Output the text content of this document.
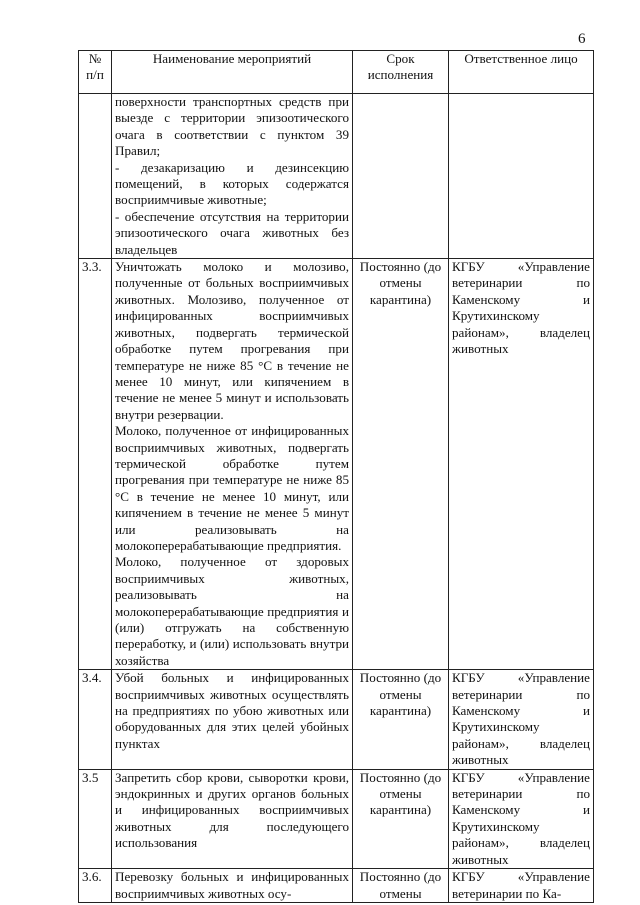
6
№ п/п	Наименование мероприятий	Срок исполнения	Ответственное лицо

	поверхности транспортных средств при выезде с территории эпизоотического очага в соответствии с пунктом 39 Правил;

- дезакаризацию и дезинсекцию помещений, в которых содержатся восприимчивые животные;

- обеспечение отсутствия на территории эпизоотического очага животных без владельцев		

3.3.	Уничтожать молоко и молозиво, полученные от больных восприимчивых животных. Молозиво, полученное от инфицированных восприимчивых животных, подвергать термической обработке путем прогревания при температуре не ниже 85 °С в течение не менее 10 минут, или кипячением в течение не менее 5 минут и использовать внутри резервации.

Молоко, полученное от инфицированных восприимчивых животных, подвергать термической обработке путем прогревания при температуре не ниже 85 °С в течение не менее 10 минут, или кипячением в течение не менее 5 минут или реализовывать на молокоперерабатывающие предприятия.

Молоко, полученное от здоровых восприимчивых животных, реализовывать на молокоперерабатывающие предприятия и (или) отгружать на собственную переработку, и (или) использовать внутри хозяйства	Постоянно (до отмены карантина)	КГБУ «Управление ветеринарии по Каменскому и Крутихинскому районам», владелец животных
3.4.	Убой больных и инфицированных восприимчивых животных осуществлять на предприятиях по убою животных или оборудованных для этих целей убойных пунктах	Постоянно (до отмены карантина)	КГБУ «Управление ветеринарии по Каменскому и Крутихинскому районам», владелец животных
3.5	Запретить сбор крови, сыворотки крови, эндокринных и других органов больных и инфицированных восприимчивых животных для последующего использования	Постоянно (до отмены карантина)	КГБУ «Управление ветеринарии по Каменскому и Крутихинскому районам», владелец животных

3.6.	Перевозку больных и инфицированных восприимчивых животных осу-	Постоянно (до отмены	КГБУ «Управление ветеринарии по Ка-
